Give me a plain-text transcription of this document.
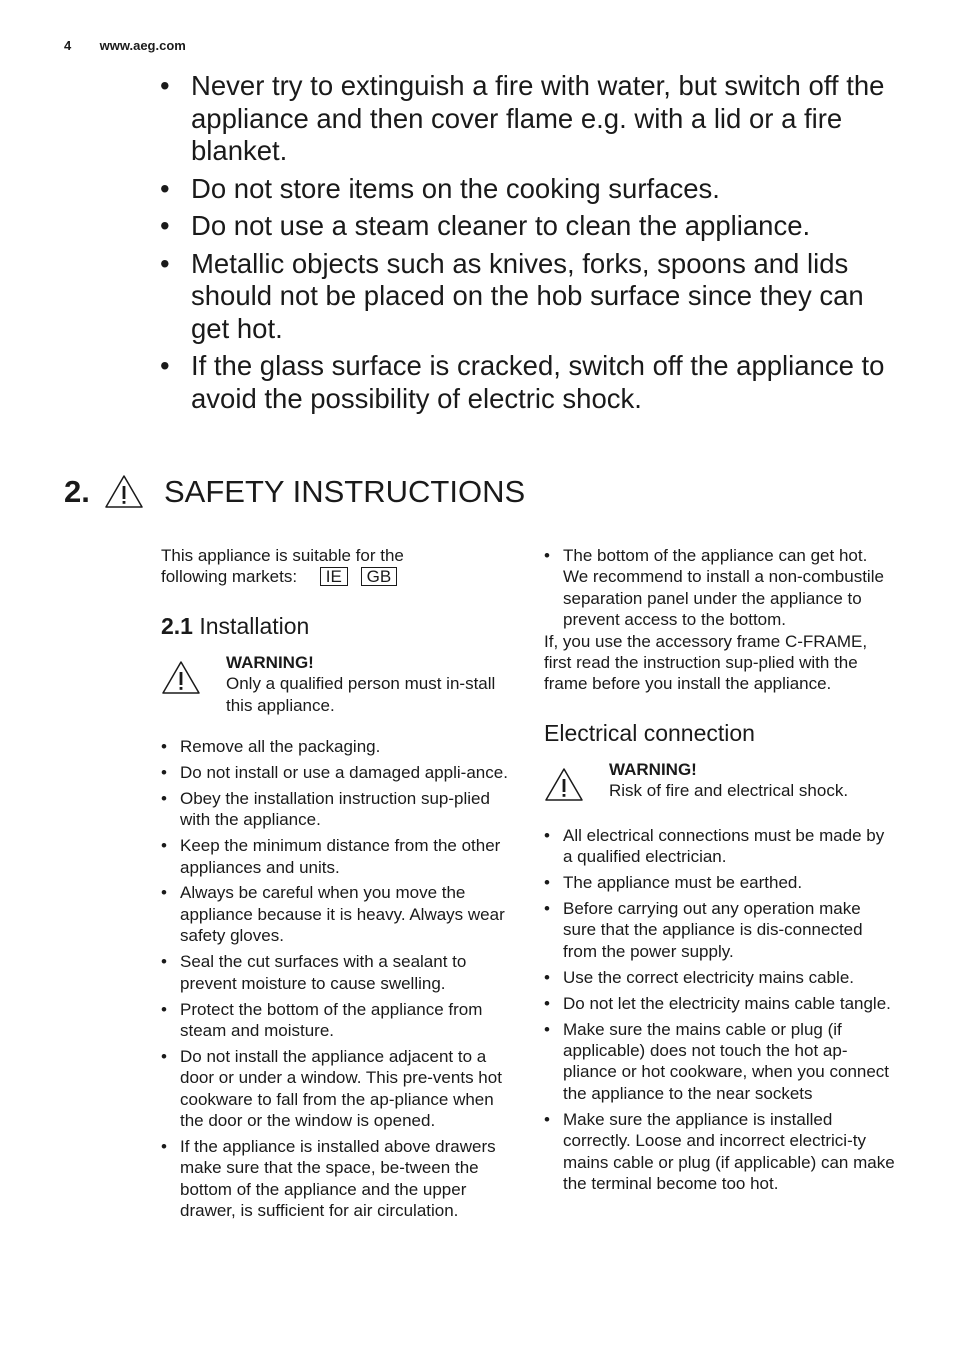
4 www.aeg.com
• Never try to extinguish a fire with water, but switch off the appliance and then cover flame e.g. with a lid or a fire blanket.
• Do not store items on the cooking surfaces.
• Do not use a steam cleaner to clean the appliance.
• Metallic objects such as knives, forks, spoons and lids should not be placed on the hob surface since they can get hot.
• If the glass surface is cracked, switch off the appliance to avoid the possibility of electric shock.
2.	SAFETY INSTRUCTIONS
This appliance is suitable for the
following markets: IE GB
2.1 Installation
WARNING!
Only a qualified person must in-stall this appliance.
• Remove all the packaging.
• Do not install or use a damaged appli-ance.
• Obey the installation instruction sup-plied with the appliance.
• Keep the minimum distance from the other appliances and units.
• Always be careful when you move the appliance because it is heavy. Always wear safety gloves.
• Seal the cut surfaces with a sealant to prevent moisture to cause swelling.
• Protect the bottom of the appliance from steam and moisture.
• Do not install the appliance adjacent to a door or under a window. This pre-vents hot cookware to fall from the ap-pliance when the door or the window is opened.
• If the appliance is installed above drawers make sure that the space, be-tween the bottom of the appliance and the upper drawer, is sufficient for air circulation.
• The bottom of the appliance can get hot. We recommend to install a non-combustile separation panel under the appliance to prevent access to the bottom.

If, you use the accessory frame C-FRAME, first read the instruction sup-plied with the frame before you install the appliance.

Electrical connection
WARNING!
Risk of fire and electrical shock.
• All electrical connections must be made by a qualified electrician.
• The appliance must be earthed.
• Before carrying out any operation make sure that the appliance is dis-connected from the power supply.
• Use the correct electricity mains cable.
• Do not let the electricity mains cable tangle.
• Make sure the mains cable or plug (if applicable) does not touch the hot ap-pliance or hot cookware, when you connect the appliance to the near sockets
• Make sure the appliance is installed correctly. Loose and incorrect electrici-ty mains cable or plug (if applicable) can make the terminal become too hot.
